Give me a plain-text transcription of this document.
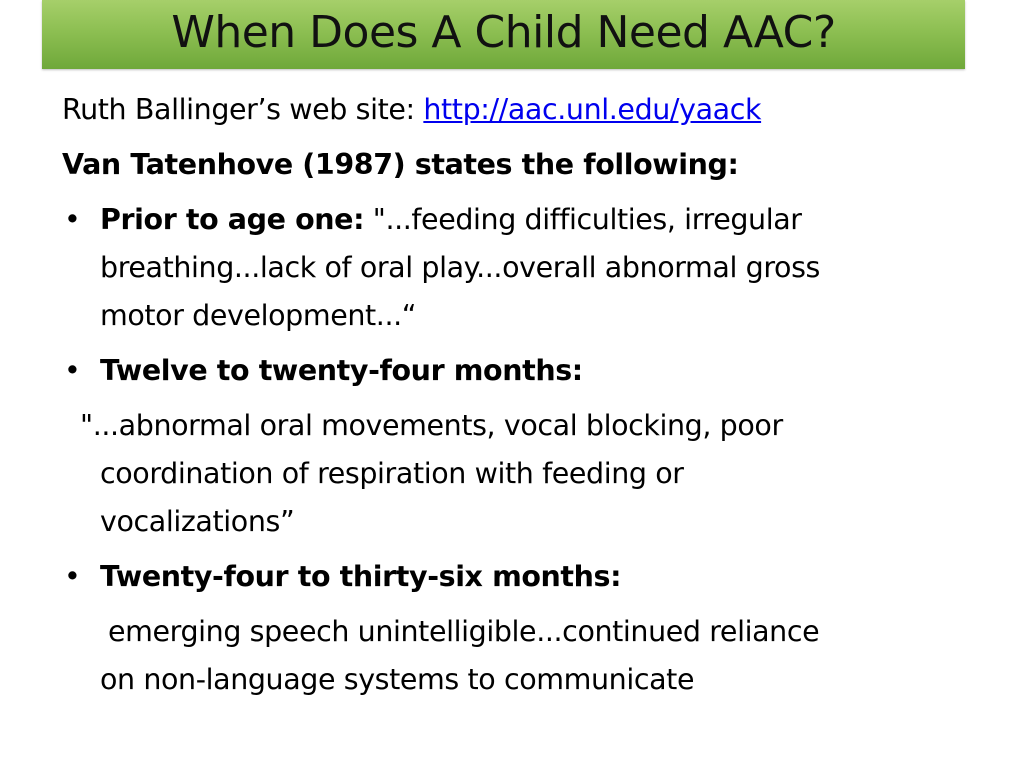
When Does A Child Need AAC?

Ruth Ballinger’s web site: http://aac.unl.edu/yaack

Van Tatenhove (1987) states the following:

• Prior to age one: "...feeding difficulties, irregular
breathing...lack of oral play...overall abnormal gross
motor development...“
• Twelve to twenty-four months:
"...abnormal oral movements, vocal blocking, poor
coordination of respiration with feeding or
vocalizations”
• Twenty-four to thirty-six months:
emerging speech unintelligible...continued reliance
on non-language systems to communicate
